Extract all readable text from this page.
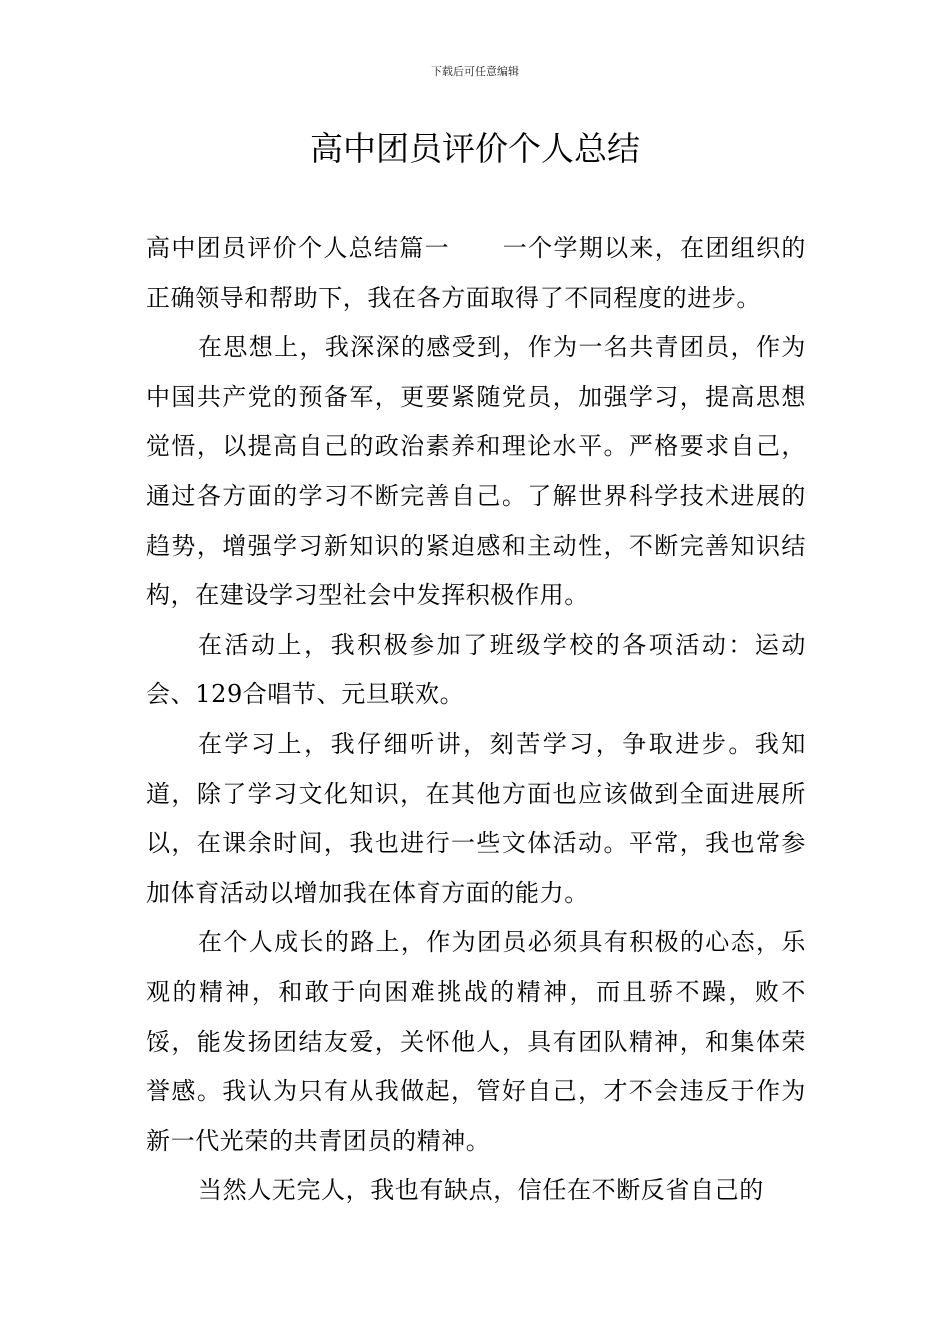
下载后可任意编辑
高中团员评价个人总结

高中团员评价个人总结篇一 一个学期以来，在团组织的正确领导和帮助下，我在各方面取得了不同程度的进步。

在思想上，我深深的感受到，作为一名共青团员，作为中国共产党的预备军，更要紧随党员，加强学习，提高思想觉悟，以提高自己的政治素养和理论水平。严格要求自己，通过各方面的学习不断完善自己。了解世界科学技术进展的趋势，增强学习新知识的紧迫感和主动性，不断完善知识结构，在建设学习型社会中发挥积极作用。

在活动上，我积极参加了班级学校的各项活动：运动会、129合唱节、元旦联欢。

在学习上，我仔细听讲，刻苦学习，争取进步。我知道，除了学习文化知识，在其他方面也应该做到全面进展所以，在课余时间，我也进行一些文体活动。平常，我也常参加体育活动以增加我在体育方面的能力。

在个人成长的路上，作为团员必须具有积极的心态，乐观的精神，和敢于向困难挑战的精神，而且骄不躁，败不馁，能发扬团结友爱，关怀他人，具有团队精神，和集体荣誉感。我认为只有从我做起，管好自己，才不会违反于作为新一代光荣的共青团员的精神。

当然人无完人，我也有缺点，信任在不断反省自己的
